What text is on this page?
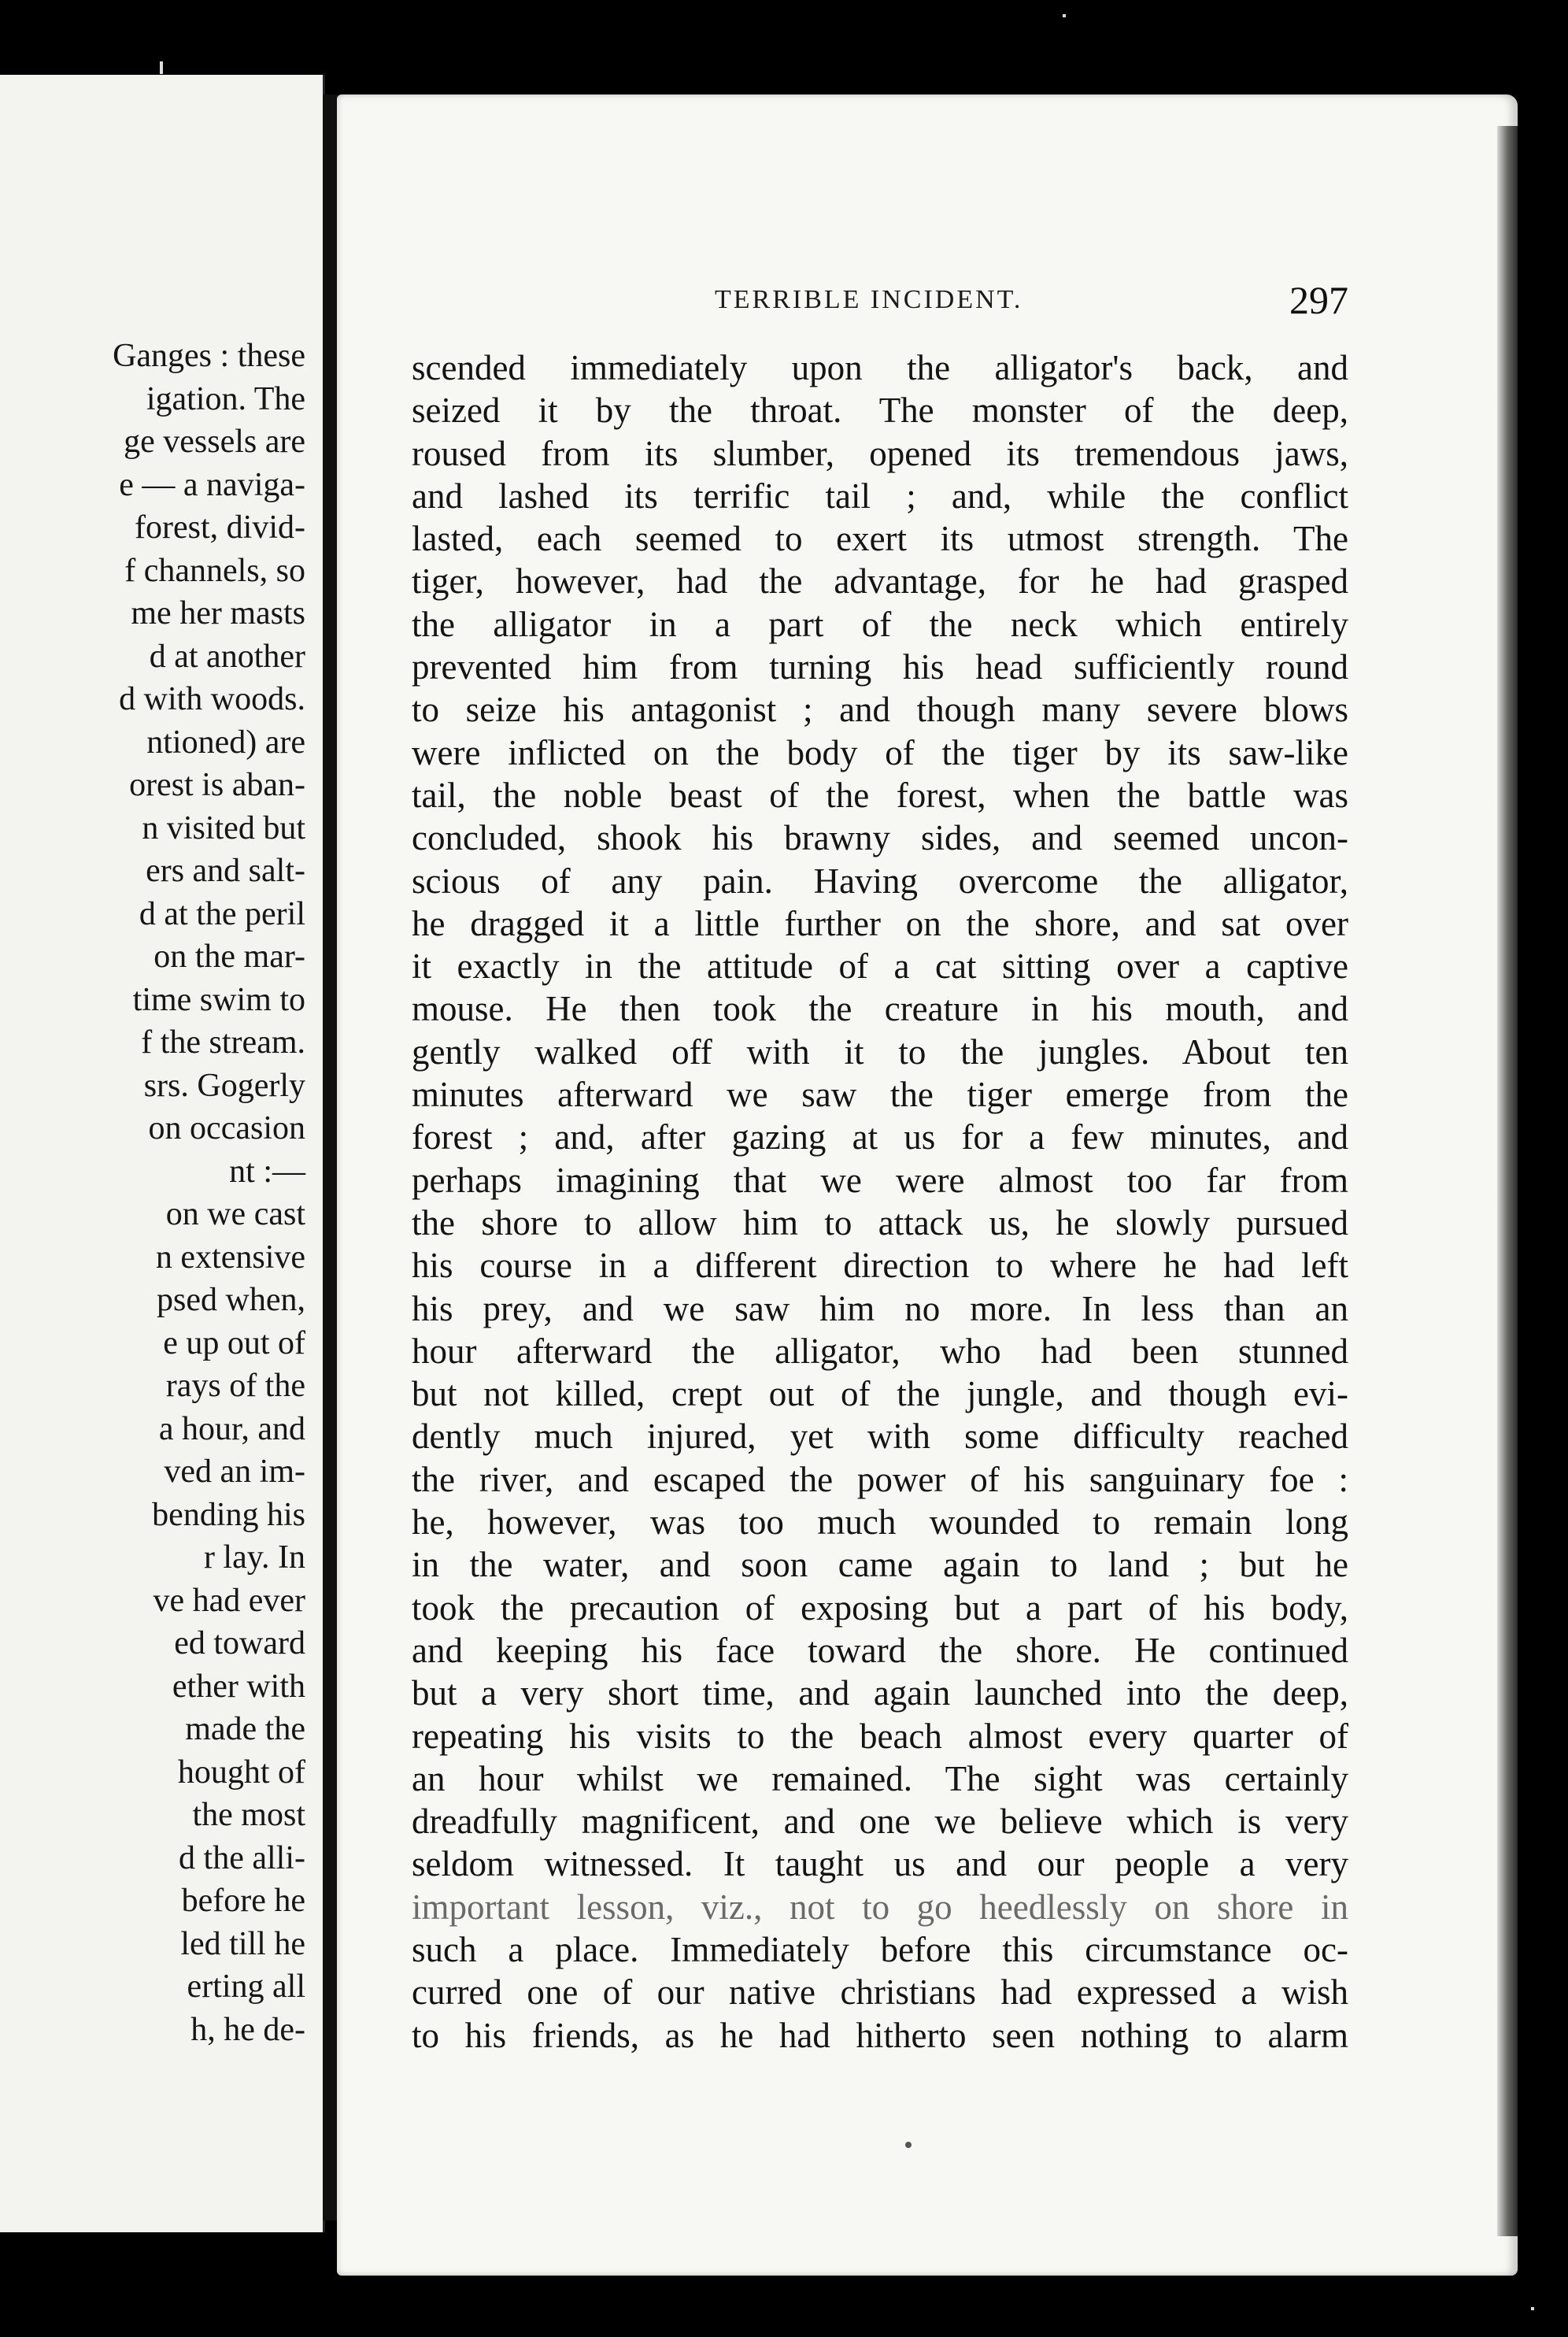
Ganges : these
igation. The
ge vessels are
e — a naviga-
forest, divid-
f channels, so
me her masts
d at another
d with woods.
ntioned) are
orest is aban-
n visited but
ers and salt-
d at the peril
on the mar-
time swim to
f the stream.
srs. Gogerly
on occasion
nt :—
on we cast
n extensive
psed when,
e up out of
rays of the
a hour, and
ved an im-
bending his
r lay. In
ve had ever
ed toward
ether with
made the
hought of
the most
d the alli-
before he
led till he
erting all
h, he de-
TERRIBLE INCIDENT.	297
scended immediately upon the alligator's back, and
seized it by the throat. The monster of the deep,
roused from its slumber, opened its tremendous jaws,
and lashed its terrific tail ; and, while the conflict
lasted, each seemed to exert its utmost strength. The
tiger, however, had the advantage, for he had grasped
the alligator in a part of the neck which entirely
prevented him from turning his head sufficiently round
to seize his antagonist ; and though many severe blows
were inflicted on the body of the tiger by its saw-like
tail, the noble beast of the forest, when the battle was
concluded, shook his brawny sides, and seemed uncon-
scious of any pain. Having overcome the alligator,
he dragged it a little further on the shore, and sat over
it exactly in the attitude of a cat sitting over a captive
mouse. He then took the creature in his mouth, and
gently walked off with it to the jungles. About ten
minutes afterward we saw the tiger emerge from the
forest ; and, after gazing at us for a few minutes, and
perhaps imagining that we were almost too far from
the shore to allow him to attack us, he slowly pursued
his course in a different direction to where he had left
his prey, and we saw him no more. In less than an
hour afterward the alligator, who had been stunned
but not killed, crept out of the jungle, and though evi-
dently much injured, yet with some difficulty reached
the river, and escaped the power of his sanguinary foe :
he, however, was too much wounded to remain long
in the water, and soon came again to land ; but he
took the precaution of exposing but a part of his body,
and keeping his face toward the shore. He continued
but a very short time, and again launched into the deep,
repeating his visits to the beach almost every quarter of
an hour whilst we remained. The sight was certainly
dreadfully magnificent, and one we believe which is very
seldom witnessed. It taught us and our people a very
important lesson, viz., not to go heedlessly on shore in
such a place. Immediately before this circumstance oc-
curred one of our native christians had expressed a wish
to his friends, as he had hitherto seen nothing to alarm
